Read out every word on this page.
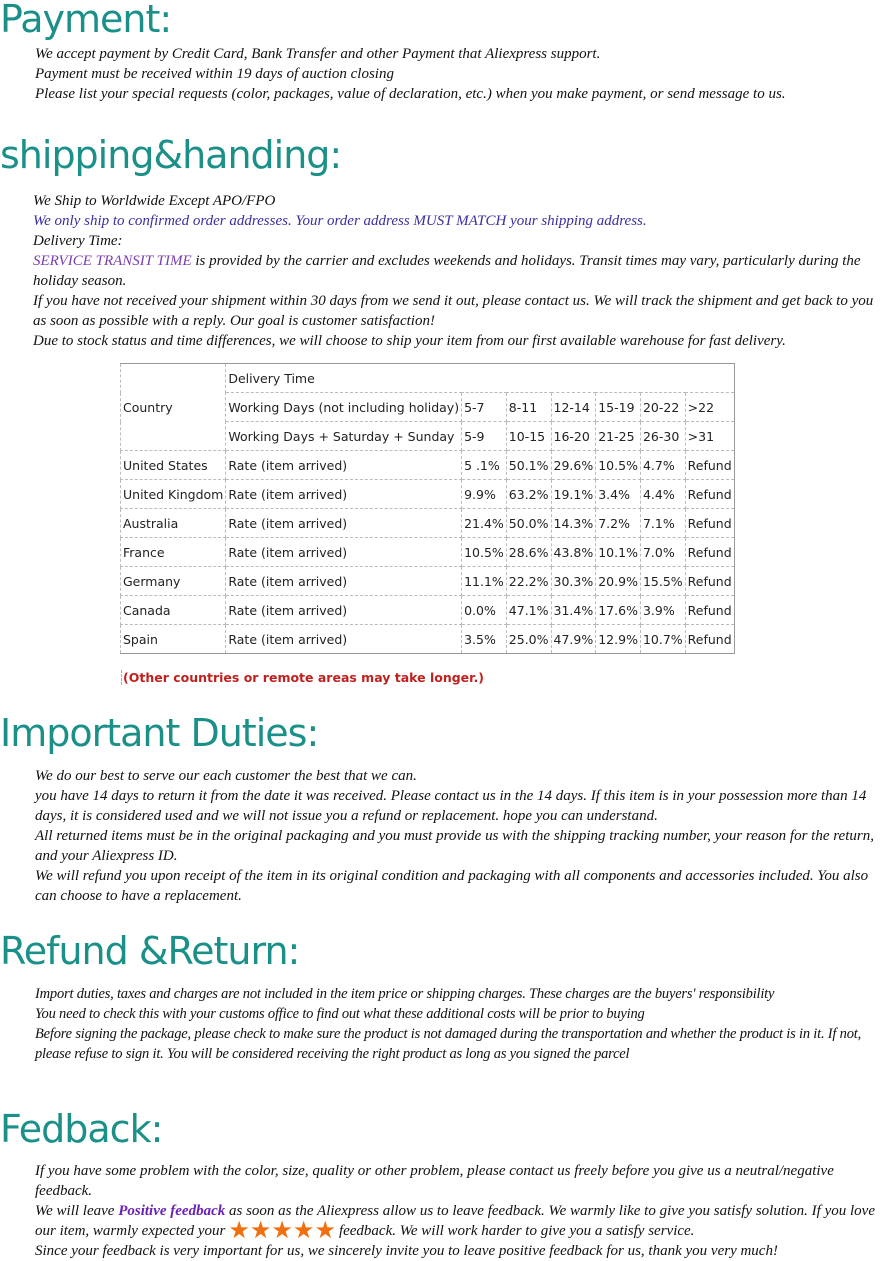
Payment:
We accept payment by Credit Card, Bank Transfer and other Payment that Aliexpress support.
Payment must be received within 19 days of auction closing
Please list your special requests (color, packages, value of declaration, etc.) when you make payment, or send message to us.
shipping&handing:
We Ship to Worldwide Except APO/FPO
We only ship to confirmed order addresses. Your order address MUST MATCH your shipping address.
Delivery Time:
SERVICE TRANSIT TIME is provided by the carrier and excludes weekends and holidays. Transit times may vary, particularly during the holiday season.
If you have not received your shipment within 30 days from we send it out, please contact us. We will track the shipment and get back to you as soon as possible with a reply. Our goal is customer satisfaction!
Due to stock status and time differences, we will choose to ship your item from our first available warehouse for fast delivery.
Country	Delivery Time						
	Working Days (not including holiday)	5-7	8-11	12-14	15-19	20-22	>22
	Working Days + Saturday + Sunday	5-9	10-15	16-20	21-25	26-30	>31
United States	Rate (item arrived)	5 .1%	50.1%	29.6%	10.5%	4.7%	Refund
United Kingdom	Rate (item arrived)	9.9%	63.2%	19.1%	3.4%	4.4%	Refund
Australia	Rate (item arrived)	21.4%	50.0%	14.3%	7.2%	7.1%	Refund
France	Rate (item arrived)	10.5%	28.6%	43.8%	10.1%	7.0%	Refund
Germany	Rate (item arrived)	11.1%	22.2%	30.3%	20.9%	15.5%	Refund
Canada	Rate (item arrived)	0.0%	47.1%	31.4%	17.6%	3.9%	Refund
Spain	Rate (item arrived)	3.5%	25.0%	47.9%	12.9%	10.7%	Refund
(Other countries or remote areas may take longer.)
Important Duties:
We do our best to serve our each customer the best that we can.
you have 14 days to return it from the date it was received. Please contact us in the 14 days. If this item is in your possession more than 14 days, it is considered used and we will not issue you a refund or replacement. hope you can understand.
All returned items must be in the original packaging and you must provide us with the shipping tracking number, your reason for the return, and your Aliexpress ID.
We will refund you upon receipt of the item in its original condition and packaging with all components and accessories included. You also can choose to have a replacement.
Refund &Return:
Import duties, taxes and charges are not included in the item price or shipping charges. These charges are the buyers' responsibility
You need to check this with your customs office to find out what these additional costs will be prior to buying
Before signing the package, please check to make sure the product is not damaged during the transportation and whether the product is in it. If not, please refuse to sign it. You will be considered receiving the right product as long as you signed the parcel
Fedback:
If you have some problem with the color, size, quality or other problem, please contact us freely before you give us a neutral/negative feedback.
We will leave Positive feedback as soon as the Aliexpress allow us to leave feedback. We warmly like to give you satisfy solution. If you love our item, warmly expected your ★★★★★ feedback. We will work harder to give you a satisfy service.
Since your feedback is very important for us, we sincerely invite you to leave positive feedback for us, thank you very much!
